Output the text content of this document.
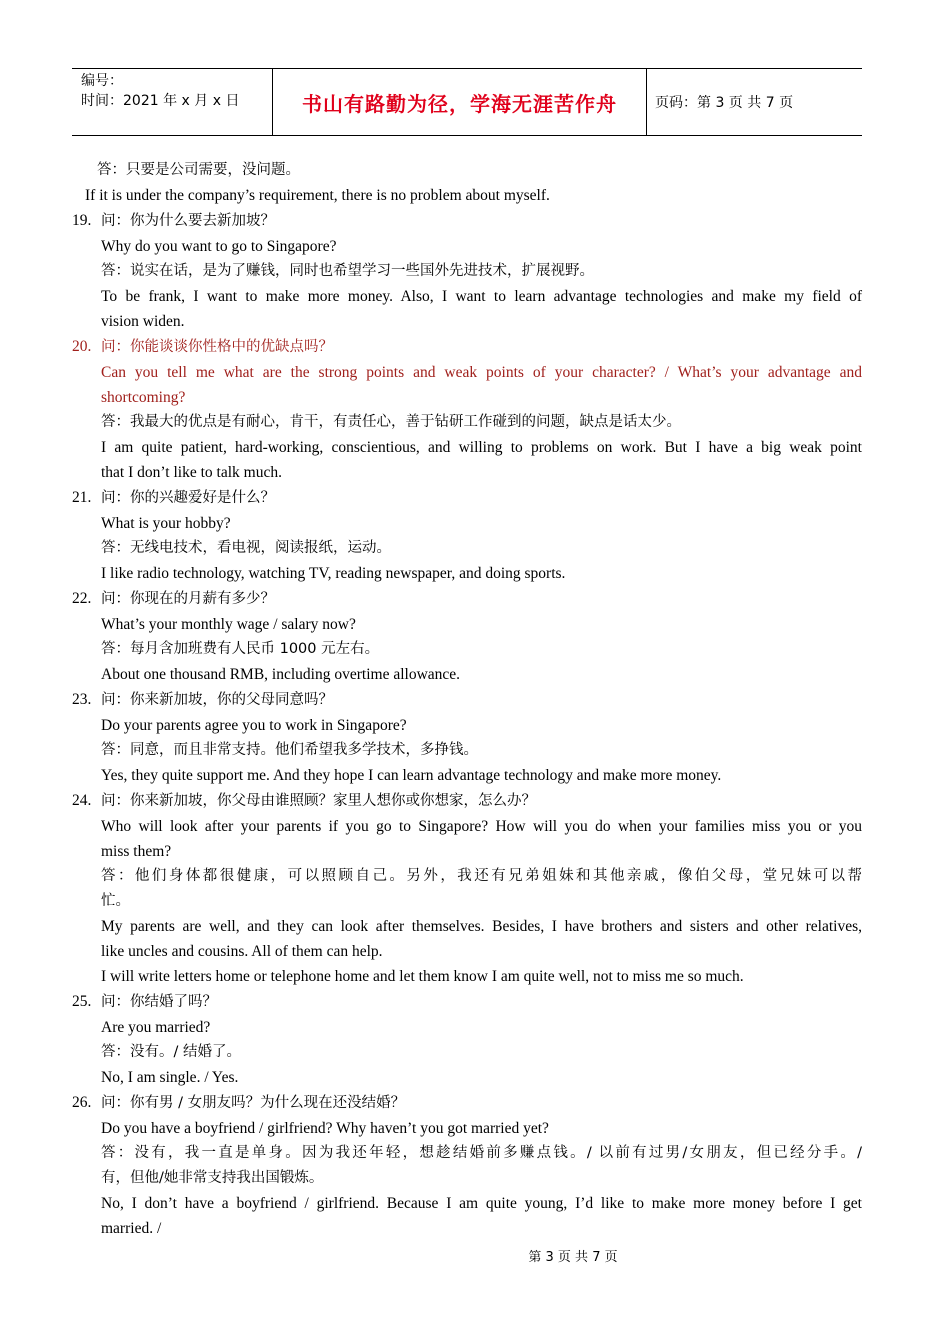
编号：
时间：2021 年 x 月 x 日	书山有路勤为径，学海无涯苦作舟	页码：第 3 页 共 7 页
答：只要是公司需要，没问题。
If it is under the company’s requirement, there is no problem about myself.
19. 问：你为什么要去新加坡？
Why do you want to go to Singapore?
答：说实在话，是为了赚钱，同时也希望学习一些国外先进技术，扩展视野。
To be frank, I want to make more money. Also, I want to learn advantage technologies and make my field of
vision widen.
20. 问：你能谈谈你性格中的优缺点吗？
Can you tell me what are the strong points and weak points of your character? / What’s your advantage and
shortcoming?
答：我最大的优点是有耐心，肯干，有责任心，善于钻研工作碰到的问题，缺点是话太少。
I am quite patient, hard-working, conscientious, and willing to problems on work. But I have a big weak point
that I don’t like to talk much.
21. 问：你的兴趣爱好是什么？
What is your hobby?
答：无线电技术，看电视，阅读报纸，运动。
I like radio technology, watching TV, reading newspaper, and doing sports.
22. 问：你现在的月薪有多少？
What’s your monthly wage / salary now?
答：每月含加班费有人民币 1000 元左右。
About one thousand RMB, including overtime allowance.
23. 问：你来新加坡，你的父母同意吗？
Do your parents agree you to work in Singapore?
答：同意，而且非常支持。他们希望我多学技术，多挣钱。
Yes, they quite support me. And they hope I can learn advantage technology and make more money.
24. 问：你来新加坡，你父母由谁照顾？家里人想你或你想家，怎么办？
Who will look after your parents if you go to Singapore? How will you do when your families miss you or you
miss them?
答：他们身体都很健康，可以照顾自己。另外，我还有兄弟姐妹和其他亲戚，像伯父母，堂兄妹可以帮
忙。
My parents are well, and they can look after themselves. Besides, I have brothers and sisters and other relatives,
like uncles and cousins. All of them can help.
I will write letters home or telephone home and let them know I am quite well, not to miss me so much.
25. 问：你结婚了吗？
Are you married?
答：没有。/ 结婚了。
No, I am single. / Yes.
26. 问：你有男 / 女朋友吗？为什么现在还没结婚？
Do you have a boyfriend / girlfriend? Why haven’t you got married yet?
答：没有，我一直是单身。因为我还年轻，想趁结婚前多赚点钱。/ 以前有过男/女朋友，但已经分手。/
有，但他/她非常支持我出国锻炼。
No, I don’t have a boyfriend / girlfriend. Because I am quite young, I’d like to make more money before I get
married. /
第 3 页 共 7 页
